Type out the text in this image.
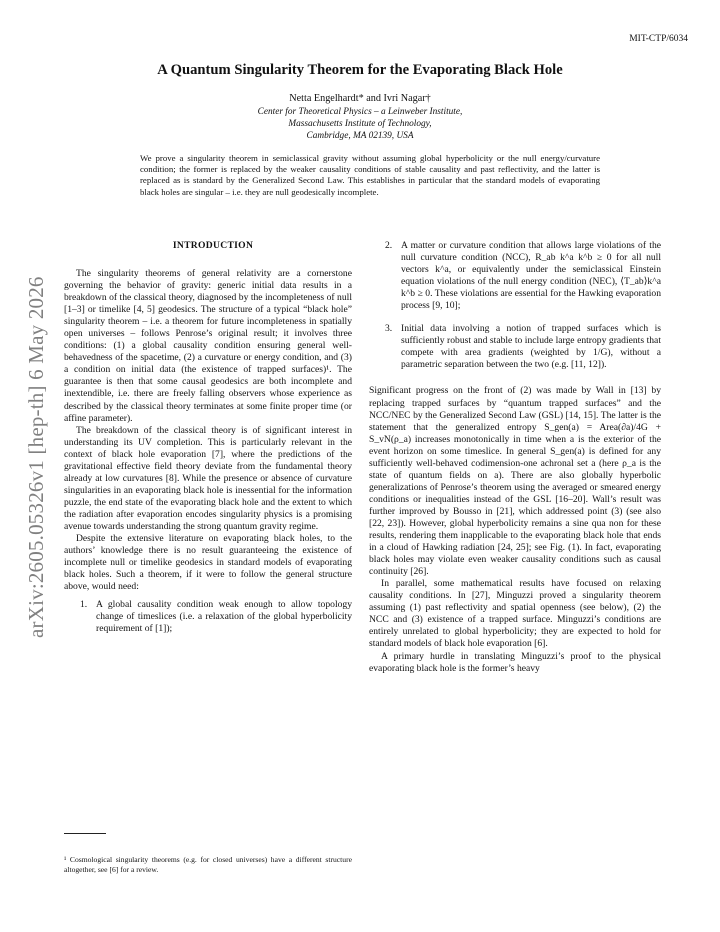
MIT-CTP/6034
arXiv:2605.05326v1 [hep-th] 6 May 2026
A Quantum Singularity Theorem for the Evaporating Black Hole
Netta Engelhardt* and Ivri Nagar†
Center for Theoretical Physics – a Leinweber Institute,
Massachusetts Institute of Technology,
Cambridge, MA 02139, USA
We prove a singularity theorem in semiclassical gravity without assuming global hyperbolicity or the null energy/curvature condition; the former is replaced by the weaker causality conditions of stable causality and past reflectivity, and the latter is replaced as is standard by the Generalized Second Law. This establishes in particular that the standard models of evaporating black holes are singular – i.e. they are null geodesically incomplete.
INTRODUCTION

The singularity theorems of general relativity are a cornerstone governing the behavior of gravity: generic initial data results in a breakdown of the classical theory, diagnosed by the incompleteness of null [1–3] or timelike [4, 5] geodesics. The structure of a typical “black hole” singularity theorem – i.e. a theorem for future incompleteness in spatially open universes – follows Penrose’s original result; it involves three conditions: (1) a global causality condition ensuring general well-behavedness of the spacetime, (2) a curvature or energy condition, and (3) a condition on initial data (the existence of trapped surfaces)¹. The guarantee is then that some causal geodesics are both incomplete and inextendible, i.e. there are freely falling observers whose experience as described by the classical theory terminates at some finite proper time (or affine parameter).

The breakdown of the classical theory is of significant interest in understanding its UV completion. This is particularly relevant in the context of black hole evaporation [7], where the predictions of the gravitational effective field theory deviate from the fundamental theory already at low curvatures [8]. While the presence or absence of curvature singularities in an evaporating black hole is inessential for the information puzzle, the end state of the evaporating black hole and the extent to which the radiation after evaporation encodes singularity physics is a promising avenue towards understanding the strong quantum gravity regime.

Despite the extensive literature on evaporating black holes, to the authors’ knowledge there is no result guaranteeing the existence of incomplete null or timelike geodesics in standard models of evaporating black holes. Such a theorem, if it were to follow the general structure above, would need:

1. A global causality condition weak enough to allow topology change of timeslices (i.e. a relaxation of the global hyperbolicity requirement of [1]);
¹ Cosmological singularity theorems (e.g. for closed universes) have a different structure altogether, see [6] for a review.
2. A matter or curvature condition that allows large violations of the null curvature condition (NCC), R_ab k^a k^b ≥ 0 for all null vectors k^a, or equivalently under the semiclassical Einstein equation violations of the null energy condition (NEC), ⟨T_ab⟩k^a k^b ≥ 0. These violations are essential for the Hawking evaporation process [9, 10];
3. Initial data involving a notion of trapped surfaces which is sufficiently robust and stable to include large entropy gradients that compete with area gradients (weighted by 1/G), without a parametric separation between the two (e.g. [11, 12]).

Significant progress on the front of (2) was made by Wall in [13] by replacing trapped surfaces by “quantum trapped surfaces” and the NCC/NEC by the Generalized Second Law (GSL) [14, 15]. The latter is the statement that the generalized entropy S_gen(a) = Area(∂a)/4G + S_vN(ρ_a) increases monotonically in time when a is the exterior of the event horizon on some timeslice. In general S_gen(a) is defined for any sufficiently well-behaved codimension-one achronal set a (here ρ_a is the state of quantum fields on a). There are also globally hyperbolic generalizations of Penrose’s theorem using the averaged or smeared energy conditions or inequalities instead of the GSL [16–20]. Wall’s result was further improved by Bousso in [21], which addressed point (3) (see also [22, 23]). However, global hyperbolicity remains a sine qua non for these results, rendering them inapplicable to the evaporating black hole that ends in a cloud of Hawking radiation [24, 25]; see Fig. (1). In fact, evaporating black holes may violate even weaker causality conditions such as causal continuity [26].

In parallel, some mathematical results have focused on relaxing causality conditions. In [27], Minguzzi proved a singularity theorem assuming (1) past reflectivity and spatial openness (see below), (2) the NCC and (3) existence of a trapped surface. Minguzzi’s conditions are entirely unrelated to global hyperbolicity; they are expected to hold for standard models of black hole evaporation [6].

A primary hurdle in translating Minguzzi’s proof to the physical evaporating black hole is the former’s heavy
